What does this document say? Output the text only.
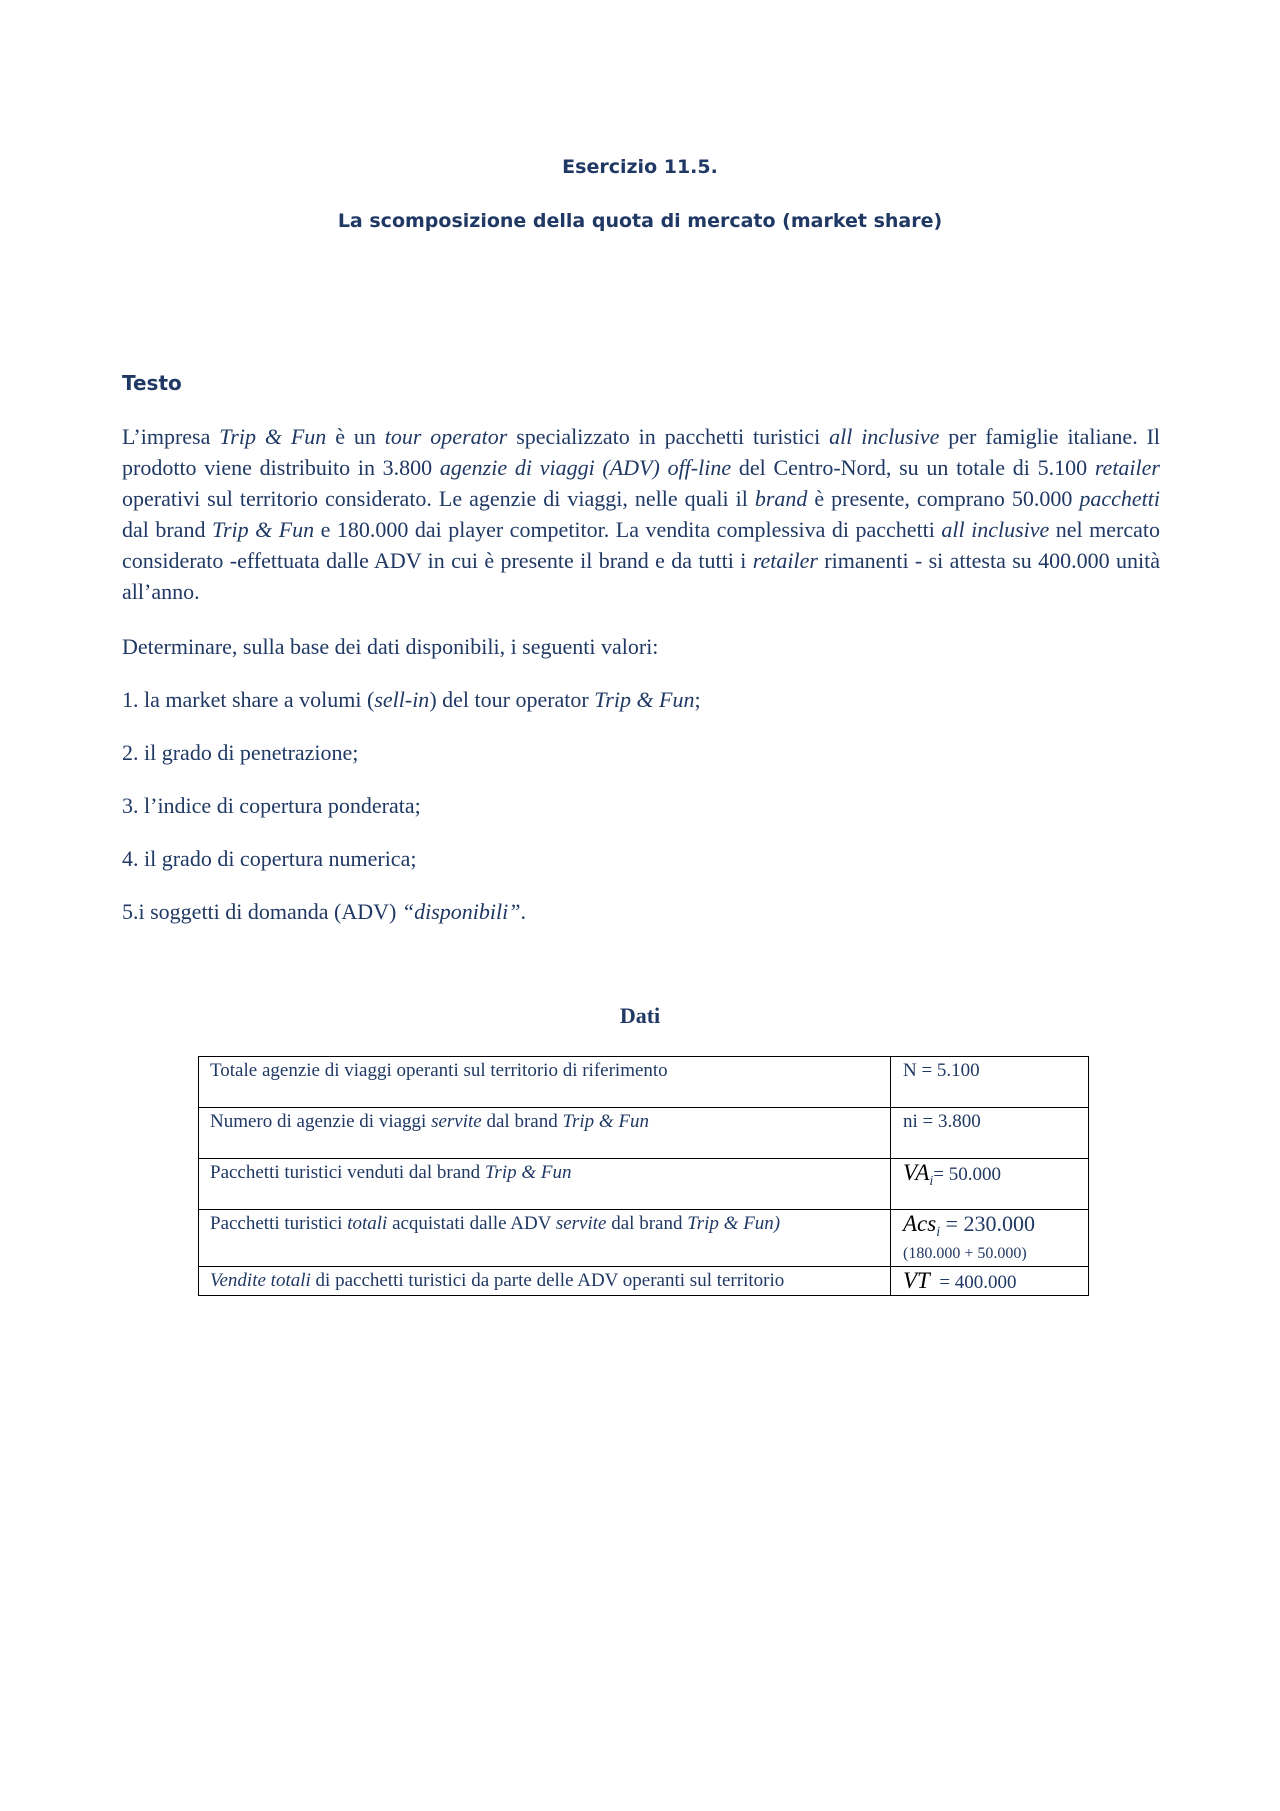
Esercizio 11.5.
La scomposizione della quota di mercato (market share)
Testo
L’impresa Trip & Fun è un tour operator specializzato in pacchetti turistici all inclusive per famiglie italiane. Il prodotto viene distribuito in 3.800 agenzie di viaggi (ADV) off-line del Centro-Nord, su un totale di 5.100 retailer operativi sul territorio considerato. Le agenzie di viaggi, nelle quali il brand è presente, comprano 50.000 pacchetti dal brand Trip & Fun e 180.000 dai player competitor. La vendita complessiva di pacchetti all inclusive nel mercato considerato -effettuata dalle ADV in cui è presente il brand e da tutti i retailer rimanenti - si attesta su 400.000 unità all’anno.
Determinare, sulla base dei dati disponibili, i seguenti valori:
1. la market share a volumi (sell-in) del tour operator Trip & Fun;
2. il grado di penetrazione;
3. l’indice di copertura ponderata;
4. il grado di copertura numerica;
5.i soggetti di domanda (ADV) “disponibili”.
Dati
Totale agenzie di viaggi operanti sul territorio di riferimento	N = 5.100
Numero di agenzie di viaggi servite dal brand Trip & Fun	ni = 3.800
Pacchetti turistici venduti dal brand Trip & Fun	$VA_i= 50.000$
Pacchetti turistici totali acquistati dalle ADV servite dal brand Trip & Fun)	Acs$_i$ = 230.000
(180.000 + 50.000)

Vendite totali di pacchetti turistici da parte delle ADV operanti sul territorio	VT  = 400.000
